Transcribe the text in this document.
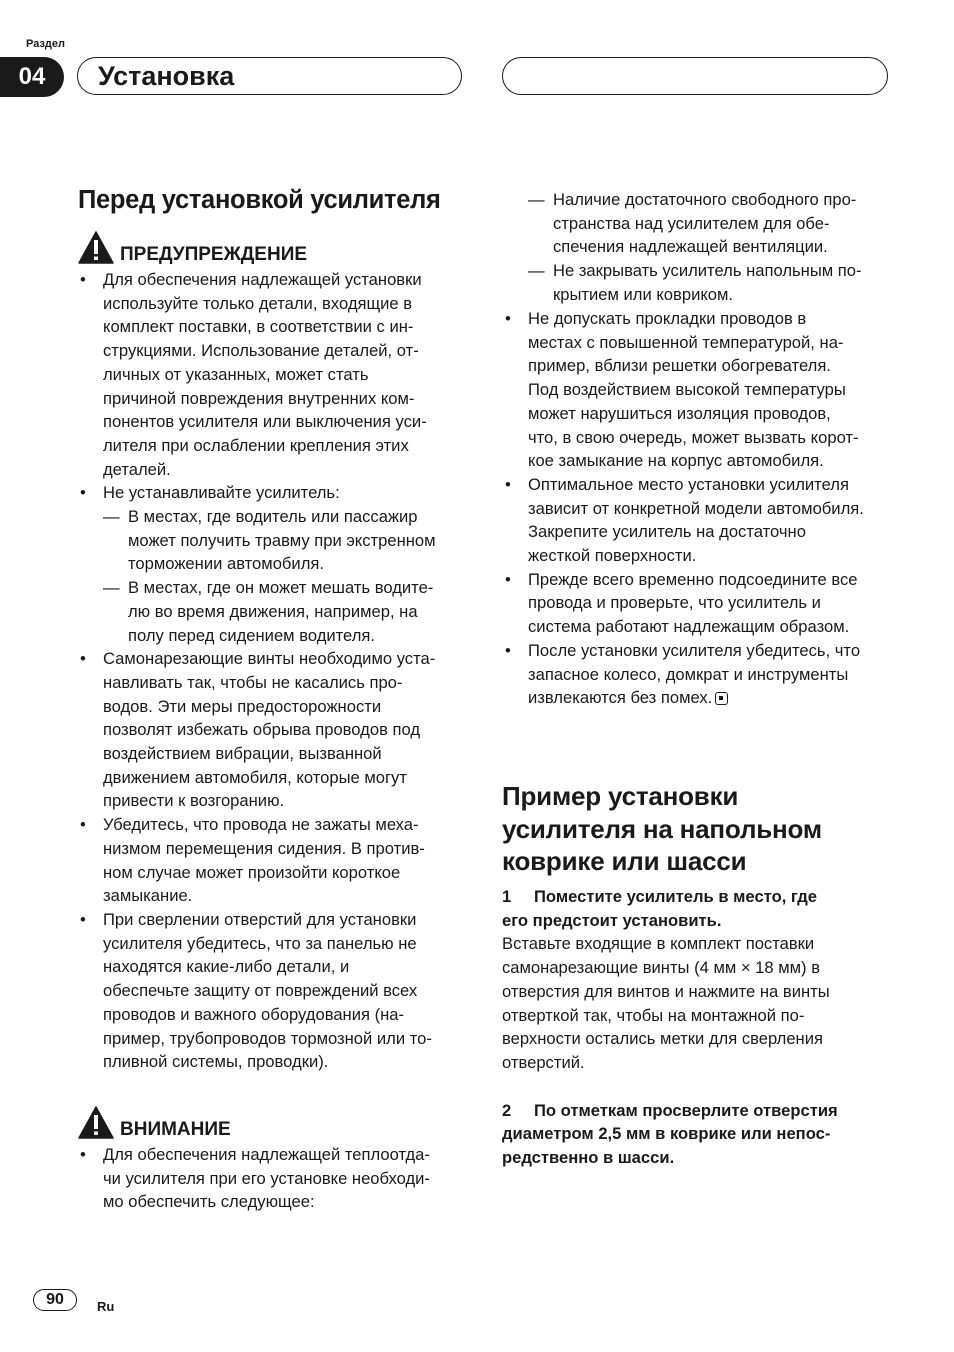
Раздел
04	Установка
Перед установкой усилителя
ПРЕДУПРЕЖДЕНИЕ
• Для обеспечения надлежащей установки
используйте только детали, входящие в
комплект поставки, в соответствии с ин-
струкциями. Использование деталей, от-
личных от указанных, может стать
причиной повреждения внутренних ком-
понентов усилителя или выключения уси-
лителя при ослаблении крепления этих
деталей.
• Не устанавливайте усилитель:
— В местах, где водитель или пассажир
может получить травму при экстренном
торможении автомобиля.
— В местах, где он может мешать водите-
лю во время движения, например, на
полу перед сидением водителя.
• Самонарезающие винты необходимо уста-
навливать так, чтобы не касались про-
водов. Эти меры предосторожности
позволят избежать обрыва проводов под
воздействием вибрации, вызванной
движением автомобиля, которые могут
привести к возгоранию.
• Убедитесь, что провода не зажаты меха-
низмом перемещения сидения. В против-
ном случае может произойти короткое
замыкание.
• При сверлении отверстий для установки
усилителя убедитесь, что за панелью не
находятся какие-либо детали, и
обеспечьте защиту от повреждений всех
проводов и важного оборудования (на-
пример, трубопроводов тормозной или то-
пливной системы, проводки).
ВНИМАНИЕ
• Для обеспечения надлежащей теплоотда-
чи усилителя при его установке необходи-
мо обеспечить следующее:
— Наличие достаточного свободного про-
странства над усилителем для обе-
спечения надлежащей вентиляции.
— Не закрывать усилитель напольным по-
крытием или ковриком.
• Не допускать прокладки проводов в
местах с повышенной температурой, на-
пример, вблизи решетки обогревателя.
Под воздействием высокой температуры
может нарушиться изоляция проводов,
что, в свою очередь, может вызвать корот-
кое замыкание на корпус автомобиля.
• Оптимальное место установки усилителя
зависит от конкретной модели автомобиля.
Закрепите усилитель на достаточно
жесткой поверхности.
• Прежде всего временно подсоедините все
провода и проверьте, что усилитель и
система работают надлежащим образом.
• После установки усилителя убедитесь, что
запасное колесо, домкрат и инструменты
извлекаются без помех.
Пример установки
усилителя на напольном
коврике или шасси
1 Поместите усилитель в место, где
его предстоит установить.
Вставьте входящие в комплект поставки
самонарезающие винты (4 мм × 18 мм) в
отверстия для винтов и нажмите на винты
отверткой так, чтобы на монтажной по-
верхности остались метки для сверления
отверстий.
2 По отметкам просверлите отверстия
диаметром 2,5 мм в коврике или непос-
редственно в шасси.
90	Ru
